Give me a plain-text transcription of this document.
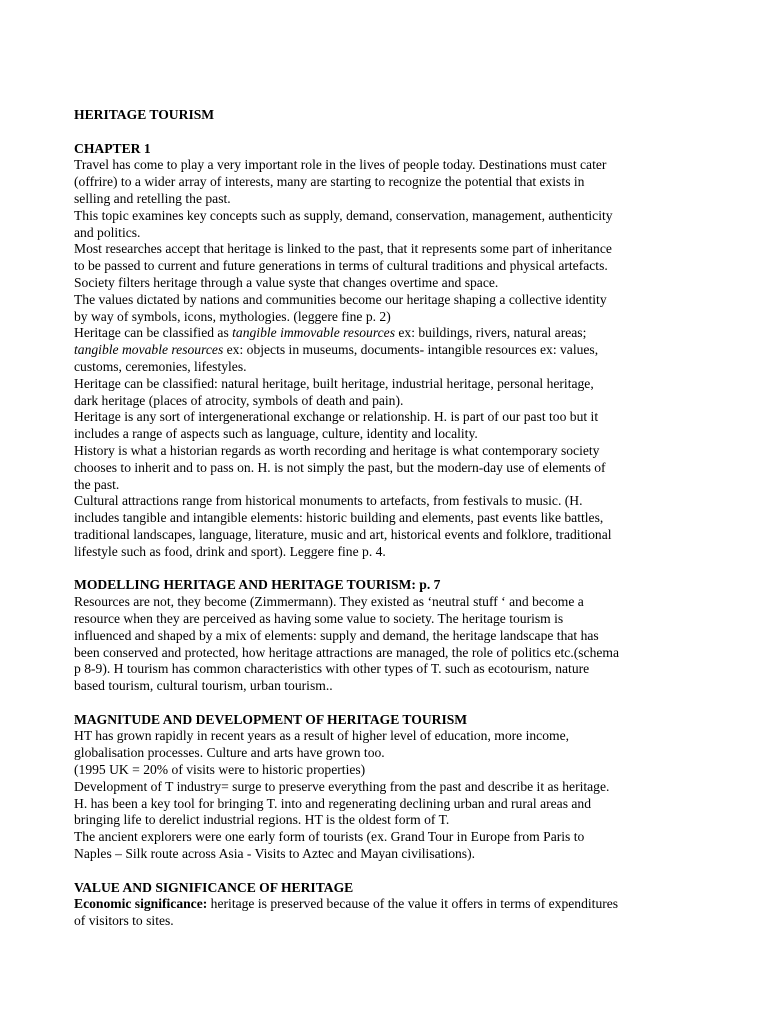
HERITAGE TOURISM
CHAPTER 1
Travel has come to play a very important role in the lives of people today. Destinations must cater
(offrire) to a wider array of interests, many are starting to recognize the potential that exists in
selling and retelling the past.
This topic examines key concepts such as supply, demand, conservation, management, authenticity
and politics.
Most researches accept that heritage is linked to the past, that it represents some part of inheritance
to be passed to current and future generations in terms of cultural traditions and physical artefacts.
Society filters heritage through a value syste that changes overtime and space.
The values dictated by nations and communities become our heritage shaping a collective identity
by way of symbols, icons, mythologies. (leggere fine p. 2)
Heritage can be classified as tangible immovable resources ex: buildings, rivers, natural areas;
tangible movable resources ex: objects in museums, documents- intangible resources ex: values,
customs, ceremonies, lifestyles.
Heritage can be classified: natural heritage, built heritage, industrial heritage, personal heritage,
dark heritage (places of atrocity, symbols of death and pain).
Heritage is any sort of intergenerational exchange or relationship. H. is part of our past too but it
includes a range of aspects such as language, culture, identity and locality.
History is what a historian regards as worth recording and heritage is what contemporary society
chooses to inherit and to pass on. H. is not simply the past, but the modern-day use of elements of
the past.
Cultural attractions range from historical monuments to artefacts, from festivals to music. (H.
includes tangible and intangible elements: historic building and elements, past events like battles,
traditional landscapes, language, literature, music and art, historical events and folklore, traditional
lifestyle such as food, drink and sport). Leggere fine p. 4.
MODELLING HERITAGE AND HERITAGE TOURISM: p. 7
Resources are not, they become (Zimmermann). They existed as ‘neutral stuff ‘ and become a
resource when they are perceived as having some value to society. The heritage tourism is
influenced and shaped by a mix of elements: supply and demand, the heritage landscape that has
been conserved and protected, how heritage attractions are managed, the role of politics etc.(schema
p 8-9). H tourism has common characteristics with other types of T. such as ecotourism, nature
based tourism, cultural tourism, urban tourism..
MAGNITUDE AND DEVELOPMENT OF HERITAGE TOURISM
HT has grown rapidly in recent years as a result of higher level of education, more income,
globalisation processes. Culture and arts have grown too.
(1995 UK = 20% of visits were to historic properties)
Development of T industry= surge to preserve everything from the past and describe it as heritage.
H. has been a key tool for bringing T. into and regenerating declining urban and rural areas and
bringing life to derelict industrial regions. HT is the oldest form of T.
The ancient explorers were one early form of tourists (ex. Grand Tour in Europe from Paris to
Naples – Silk route across Asia - Visits to Aztec and Mayan civilisations).
VALUE AND SIGNIFICANCE OF HERITAGE
Economic significance: heritage is preserved because of the value it offers in terms of expenditures
of visitors to sites.
